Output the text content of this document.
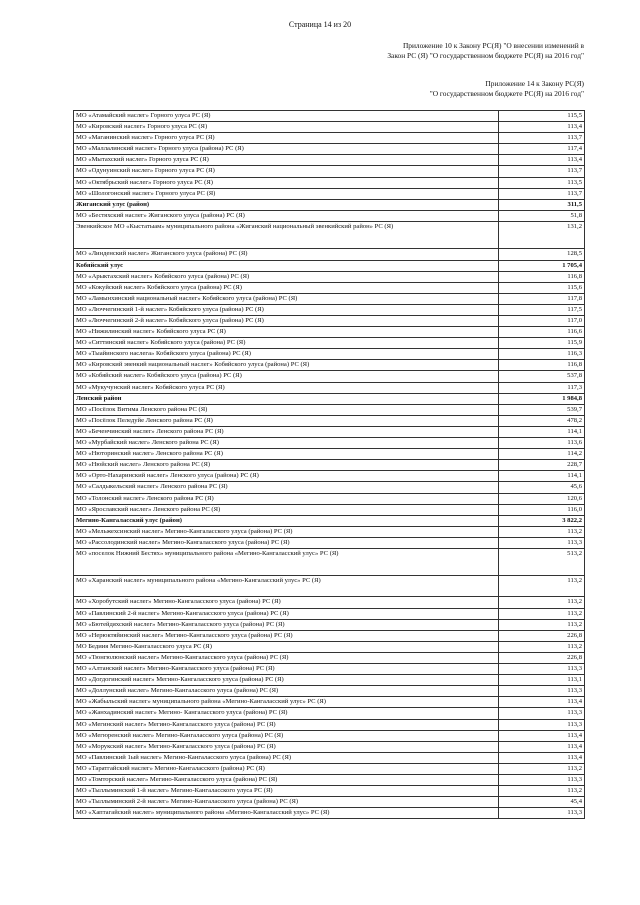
Страница 14 из 20
Приложение 10 к Закону РС(Я) "О внесении изменений в
Закон РС (Я) "О государственном бюджете РС(Я) на 2016 год"
Приложение 14 к Закону РС(Я)
"О государственном бюджете РС(Я) на 2016 год"
МО «Атамайский наслег» Горного улуса РС (Я)	115,5
МО «Кировский наслег» Горного улуса РС (Я)	113,4
МО «Маганинский наслег» Горного улуса РС (Я)	113,7
МО «Маллалинский наслег» Горного улуса (района) РС (Я)	117,4
МО «Мытахский наслег» Горного улуса РС (Я)	113,4
МО «Одунуинский наслег» Горного улуса РС (Я)	113,7
МО «Октябрьский наслег» Горного улуса РС (Я)	113,5
МО «Шологонский наслег» Горного улуса РС (Я)	113,7
Жиганский улус (район)	311,5
МО «Бестяхский наслег» Жиганского улуса (района) РС (Я)	51,8
Эвенкийское МО «Кыстатыам» муниципального района «Жиганский национальный эвенкийский район» РС (Я)	131,2
МО «Линденский наслег» Жиганского улуса (района) РС (Я)	128,5
Кобяйский улус	1 705,4
МО «Арыктахский наслег» Кобяйского улуса (района) РС (Я)	116,8
МО «Кокуйский наслег» Кобяйского улуса (района) РС (Я)	115,6
МО «Ламынхинский национальный наслег» Кобяйского улуса (района) РС (Я)	117,8
МО «Люччегинский 1-й наслег» Кобяйского улуса (района) РС (Я)	117,5
МО «Люччегинский 2-й наслег» Кобяйского улуса (района) РС (Я)	117,0
МО «Нижилинский наслег» Кобяйского улуса РС (Я)	116,6
МО «Ситтинский наслег» Кобяйского улуса (района) РС (Я)	115,9
МО «Тыайинского наслега» Кобяйского улуса (района) РС (Я)	116,3
МО «Кировский эвенкий национальный наслег» Кобяйского улуса (района) РС (Я)	116,8
МО «Кобяйский наслег» Кобяйского улуса (района) РС (Я)	537,8
МО «Мукучунский наслег» Кобяйского улуса РС (Я)	117,3
Ленский район	1 984,8
МО «Посёлок Витима Ленского района РС (Я)	539,7
МО «Посёлок Пеледуйе Ленского района РС (Я)	478,2
МО «Беченчинский наслег» Ленского района РС (Я)	114,1
МО «Мурбайский наслег» Ленского района РС (Я)	113,6
МО «Нюторинский наслег» Ленского района РС (Я)	114,2
МО «Нюйский наслег» Ленского района РС (Я)	228,7
МО «Орто-Нахаринский наслег» Ленского улуса (района) РС (Я)	114,1
МО «Салдыкельский наслег» Ленского района РС (Я)	45,6
МО «Толонский наслег» Ленского района РС (Я)	120,6
МО «Ярославский наслег» Ленского района РС (Я)	116,0
Мегино-Кангаласский улус (район)	3 822,2
МО «Мельжехсинский наслег» Мегино-Кангаласского улуса (района) РС (Я)	113,2
МО «Рассолодинский наслег» Мегино-Кангаласского улуса (района) РС (Я)	113,3
МО «поселок Нижний Бестях» муниципального района «Мегино-Кангаласский улус» РС (Я)	513,2
МО «Харанский наслег» муниципального района «Мегино-Кангаласский улус» РС (Я)	113,2
МО «Хоробутский наслег» Мегино-Кангаласского улуса (района) РС (Я)	113,2
МО «Павлинский 2-й наслег» Мегино-Кангаласского улуса (района) РС (Я)	113,2
МО «Бютейдяхский наслег» Мегино-Кангаласского улуса (района) РС (Я)	113,2
МО «Нерюктяйинский наслег» Мегино-Кангаласского улуса (района) РС (Я)	226,8
МО Бедиия Мегино-Кангаласского улуса РС (Я)	113,2
МО «Тюнгюлюнский наслег» Мегино-Кангаласского улуса (района) РС (Я)	226,8
МО «Алтанский наслег» Мегино-Кангаласского улуса (района) РС (Я)	113,3
МО «Догдогинский наслег» Мегино-Кангаласского улуса (района) РС (Я)	113,1
МО «Доллунский наслег» Мегино-Кангаласского улуса (района) РС (Я)	113,3
МО «Жабыльский наслег» муниципального района «Мегино-Кангаласский улус» РС (Я)	113,4
МО «Жанхадинский наслег» Мегино- Кангаласского улуса (района) РС (Я)	113,3
МО «Мегинский наслег» Мегино-Кангаласского улуса (района) РС (Я)	113,3
МО «Мегюренский наслег» Мегино-Кангаласского улуса (района) РС (Я)	113,4
МО «Морукский наслег» Мегино-Кангаласского улуса (района) РС (Я)	113,4
МО «Павлинский 1ый наслег» Мегино-Кангаласского улуса (района) РС (Я)	113,4
МО «Таратгайский наслег» Мегино-Кангаласского (района) РС (Я)	113,2
МО «Томторский наслег» Мегино-Кангаласского улуса (района) РС (Я)	113,3
МО «Тыллыминский 1-й наслег» Мегино-Кангаласского улуса РС (Я)	113,2
МО «Тыллыминский 2-й наслег» Мегино-Кангаласского улуса (района) РС (Я)	45,4
МО «Хаптагайский наслег» муниципального района «Мегино-Кангаласский улус» РС (Я)	113,3
